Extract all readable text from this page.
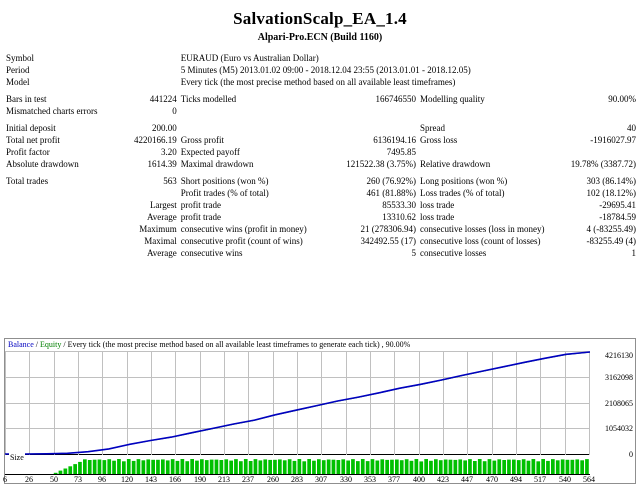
SalvationScalp_EA_1.4
Alpari-Pro.ECN (Build 1160)
Symbol		EURAUD (Euro vs Australian Dollar)			
Period		5 Minutes (M5) 2013.01.02 09:00 - 2018.12.04 23:55 (2013.01.01 - 2018.12.05)			
Model		Every tick (the most precise method based on all available least timeframes)			

Bars in test	441224	Ticks modelled	166746550	Modelling quality	90.00%
Mismatched charts errors	0				

Initial deposit	200.00			Spread	40
Total net profit	4220166.19	Gross profit	6136194.16	Gross loss	-1916027.97
Profit factor	3.20	Expected payoff	7495.85		
Absolute drawdown	1614.39	Maximal drawdown	121522.38 (3.75%)	Relative drawdown	19.78% (3387.72)

Total trades	563	Short positions (won %)	260 (76.92%)	Long positions (won %)	303 (86.14%)
		Profit trades (% of total)	461 (81.88%)	Loss trades (% of total)	102 (18.12%)
	Largest	profit trade	85533.30	loss trade	-29695.41
	Average	profit trade	13310.62	loss trade	-18784.59
	Maximum	consecutive wins (profit in money)	21 (278306.94)	consecutive losses (loss in money)	4 (-83255.49)
	Maximal	consecutive profit (count of wins)	342492.55 (17)	consecutive loss (count of losses)	-83255.49 (4)
	Average	consecutive wins	5	consecutive losses	1
Balance / Equity / Every tick (the most precise method based on all available least timeframes to generate each tick) , 90.00%
4216130
3162098
2108065
1054032
0
Size
6 26 50 73 96 120 143 166 190 213 237 260 283 307 330 353 377 400 423 447 470 494 517 540 564
